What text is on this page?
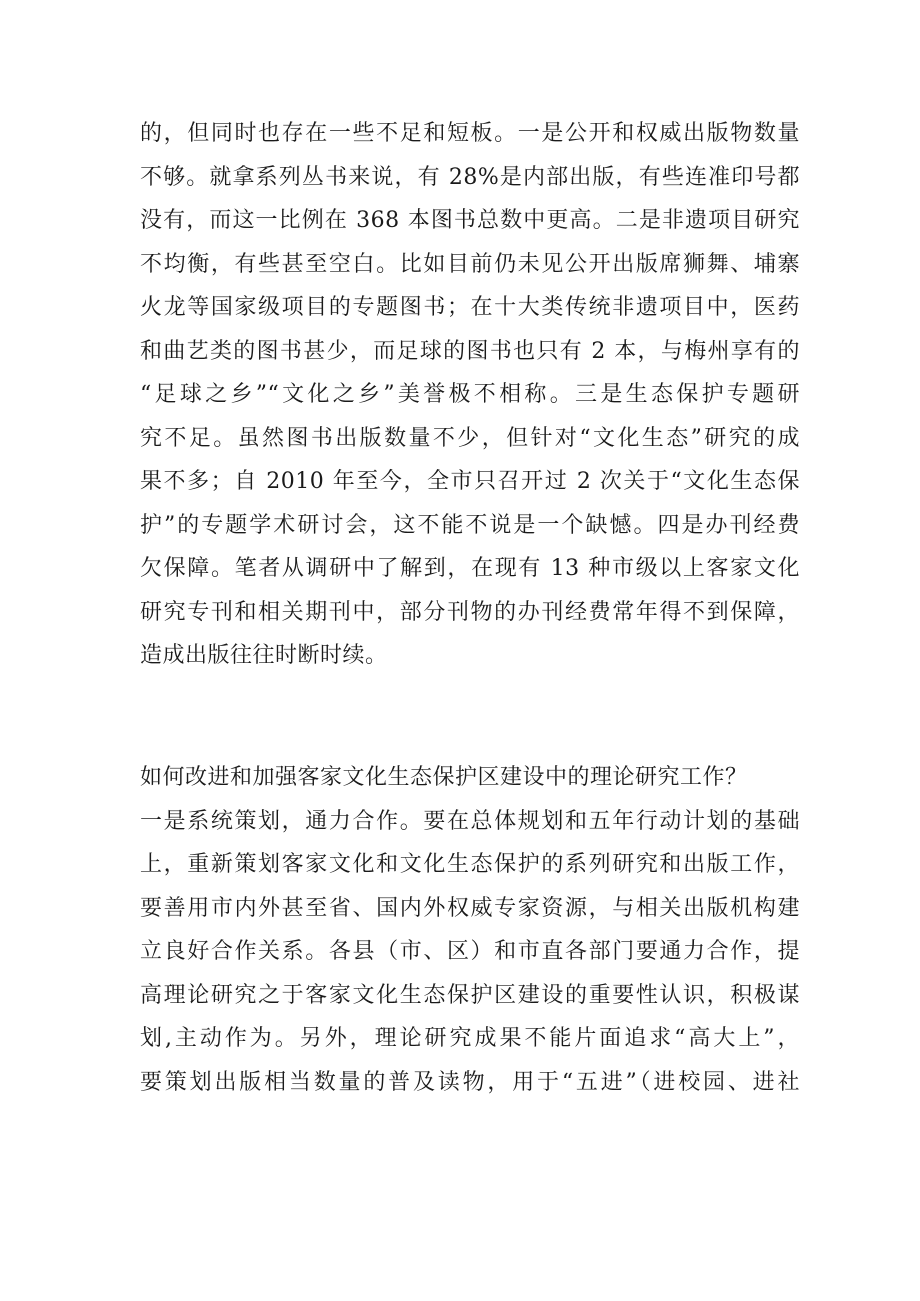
的，但同时也存在一些不足和短板。一是公开和权威出版物数量
不够。就拿系列丛书来说，有 28%是内部出版，有些连准印号都
没有，而这一比例在 368 本图书总数中更高。二是非遗项目研究
不均衡，有些甚至空白。比如目前仍未见公开出版席狮舞、埔寨
火龙等国家级项目的专题图书；在十大类传统非遗项目中，医药
和曲艺类的图书甚少，而足球的图书也只有 2 本，与梅州享有的
“足球之乡”“文化之乡”美誉极不相称。三是生态保护专题研
究不足。虽然图书出版数量不少，但针对“文化生态”研究的成
果不多；自 2010 年至今，全市只召开过 2 次关于“文化生态保
护”的专题学术研讨会，这不能不说是一个缺憾。四是办刊经费
欠保障。笔者从调研中了解到，在现有 13 种市级以上客家文化
研究专刊和相关期刊中，部分刊物的办刊经费常年得不到保障，
造成出版往往时断时续。
如何改进和加强客家文化生态保护区建设中的理论研究工作？
一是系统策划，通力合作。要在总体规划和五年行动计划的基础
上，重新策划客家文化和文化生态保护的系列研究和出版工作，
要善用市内外甚至省、国内外权威专家资源，与相关出版机构建
立良好合作关系。各县（市、区）和市直各部门要通力合作，提
高理论研究之于客家文化生态保护区建设的重要性认识，积极谋
划,主动作为。另外，理论研究成果不能片面追求“高大上”，
要策划出版相当数量的普及读物，用于“五进”（进校园、进社
